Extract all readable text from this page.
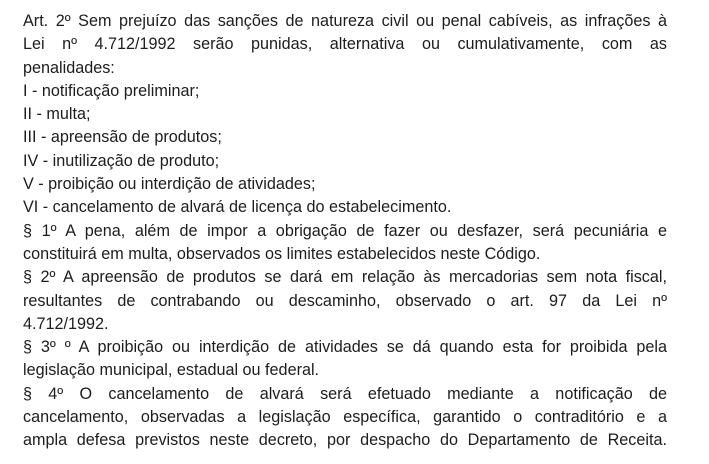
Art. 2º Sem prejuízo das sanções de natureza civil ou penal cabíveis, as infrações à
Lei nº 4.712/1992 serão punidas, alternativa ou cumulativamente, com as
penalidades:
I - notificação preliminar;
II - multa;
III - apreensão de produtos;
IV - inutilização de produto;
V - proibição ou interdição de atividades;
VI - cancelamento de alvará de licença do estabelecimento.
§ 1º A pena, além de impor a obrigação de fazer ou desfazer, será pecuniária e
constituirá em multa, observados os limites estabelecidos neste Código.
§ 2º A apreensão de produtos se dará em relação às mercadorias sem nota fiscal,
resultantes de contrabando ou descaminho, observado o art. 97 da Lei nº
4.712/1992.
§ 3º º A proibição ou interdição de atividades se dá quando esta for proibida pela
legislação municipal, estadual ou federal.
§ 4º O cancelamento de alvará será efetuado mediante a notificação de
cancelamento, observadas a legislação específica, garantido o contraditório e a
ampla defesa previstos neste decreto, por despacho do Departamento de Receita.
